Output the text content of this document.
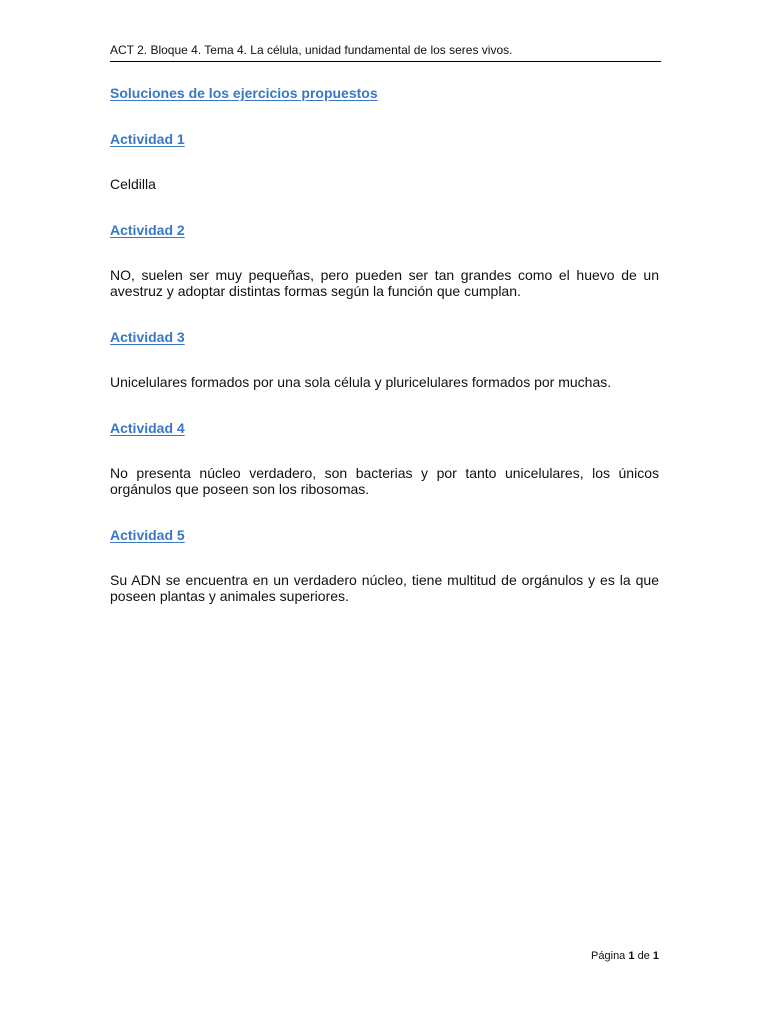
ACT 2. Bloque 4. Tema 4. La célula, unidad fundamental de los seres vivos.

Soluciones de los ejercicios propuestos

Actividad 1

Celdilla

Actividad 2

NO, suelen ser muy pequeñas, pero pueden ser tan grandes como el huevo de un avestruz y adoptar distintas formas según la función que cumplan.

Actividad 3

Unicelulares formados por una sola célula y pluricelulares formados por muchas.

Actividad 4

No presenta núcleo verdadero, son bacterias y por tanto unicelulares, los únicos orgánulos que poseen son los ribosomas.

Actividad 5

Su ADN se encuentra en un verdadero núcleo, tiene multitud de orgánulos y es la que poseen plantas y animales superiores.

Página 1 de 1
